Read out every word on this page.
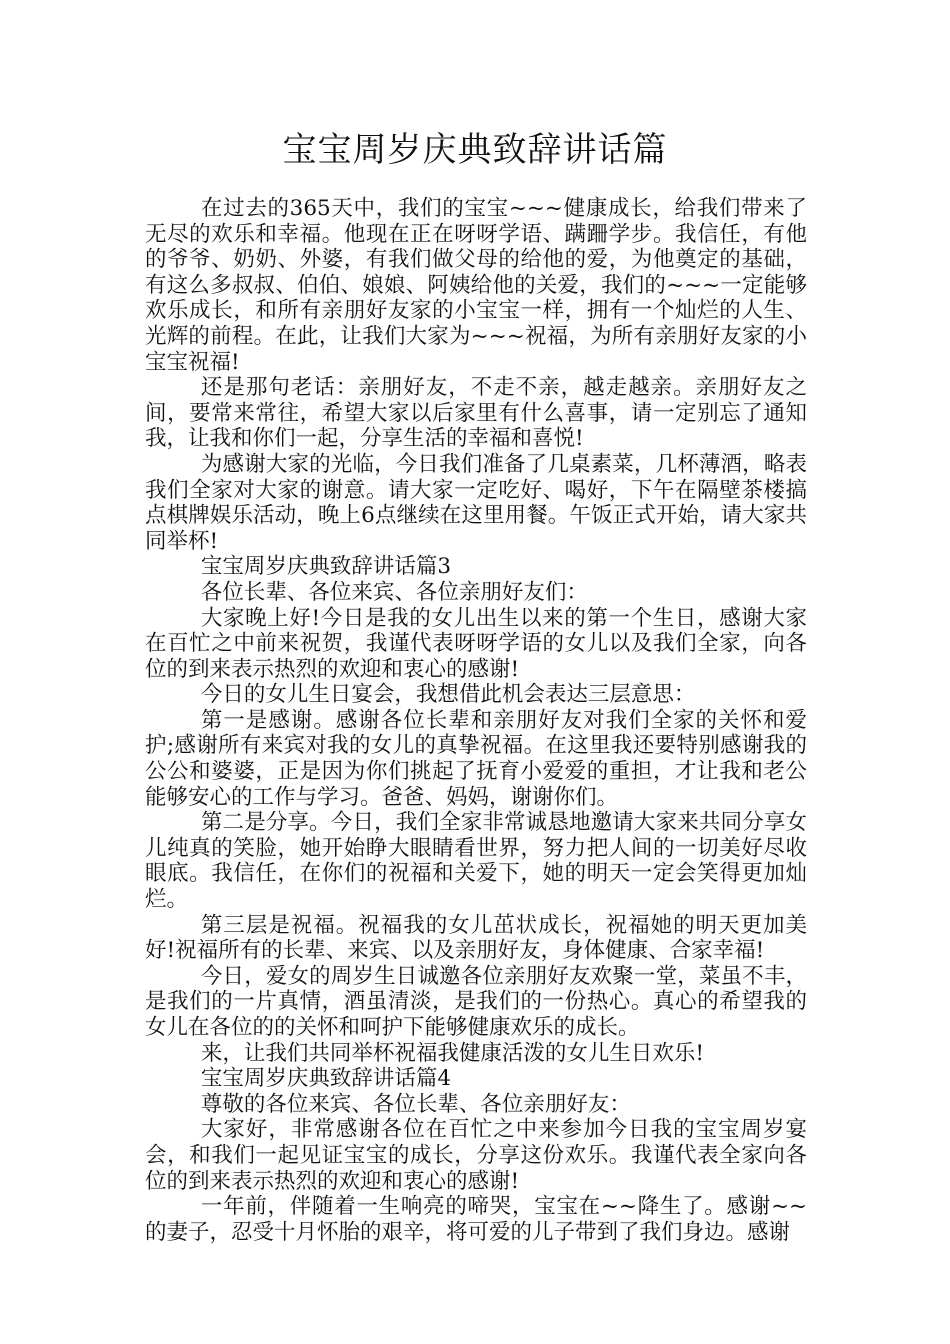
宝宝周岁庆典致辞讲话篇

在过去的365天中，我们的宝宝~~~健康成长，给我们带来了无尽的欢乐和幸福。他现在正在呀呀学语、蹒跚学步。我信任，有他的爷爷、奶奶、外婆，有我们做父母的给他的爱，为他奠定的基础，有这么多叔叔、伯伯、娘娘、阿姨给他的关爱，我们的~~~一定能够欢乐成长，和所有亲朋好友家的小宝宝一样，拥有一个灿烂的人生、光辉的前程。在此，让我们大家为~~~祝福，为所有亲朋好友家的小宝宝祝福!

还是那句老话：亲朋好友，不走不亲，越走越亲。亲朋好友之间，要常来常往，希望大家以后家里有什么喜事，请一定别忘了通知我，让我和你们一起，分享生活的幸福和喜悦!

为感谢大家的光临，今日我们准备了几桌素菜，几杯薄酒，略表我们全家对大家的谢意。请大家一定吃好、喝好，下午在隔壁茶楼搞点棋牌娱乐活动，晚上6点继续在这里用餐。午饭正式开始，请大家共同举杯!

宝宝周岁庆典致辞讲话篇3

各位长辈、各位来宾、各位亲朋好友们：

大家晚上好!今日是我的女儿出生以来的第一个生日，感谢大家在百忙之中前来祝贺，我谨代表呀呀学语的女儿以及我们全家，向各位的到来表示热烈的欢迎和衷心的感谢!

今日的女儿生日宴会，我想借此机会表达三层意思：

第一是感谢。感谢各位长辈和亲朋好友对我们全家的关怀和爱护;感谢所有来宾对我的女儿的真挚祝福。在这里我还要特别感谢我的公公和婆婆，正是因为你们挑起了抚育小爱爱的重担，才让我和老公能够安心的工作与学习。爸爸、妈妈，谢谢你们。

第二是分享。今日，我们全家非常诚恳地邀请大家来共同分享女儿纯真的笑脸，她开始睁大眼睛看世界，努力把人间的一切美好尽收眼底。我信任，在你们的祝福和关爱下，她的明天一定会笑得更加灿烂。

第三层是祝福。祝福我的女儿茁状成长，祝福她的明天更加美好!祝福所有的长辈、来宾、以及亲朋好友，身体健康、合家幸福!

今日，爱女的周岁生日诚邀各位亲朋好友欢聚一堂，菜虽不丰，是我们的一片真情，酒虽清淡，是我们的一份热心。真心的希望我的女儿在各位的的关怀和呵护下能够健康欢乐的成长。

来，让我们共同举杯祝福我健康活泼的女儿生日欢乐!

宝宝周岁庆典致辞讲话篇4

尊敬的各位来宾、各位长辈、各位亲朋好友：

大家好，非常感谢各位在百忙之中来参加今日我的宝宝周岁宴会，和我们一起见证宝宝的成长，分享这份欢乐。我谨代表全家向各位的到来表示热烈的欢迎和衷心的感谢!

一年前，伴随着一生响亮的啼哭，宝宝在~~降生了。感谢~~的妻子，忍受十月怀胎的艰辛，将可爱的儿子带到了我们身边。感谢
